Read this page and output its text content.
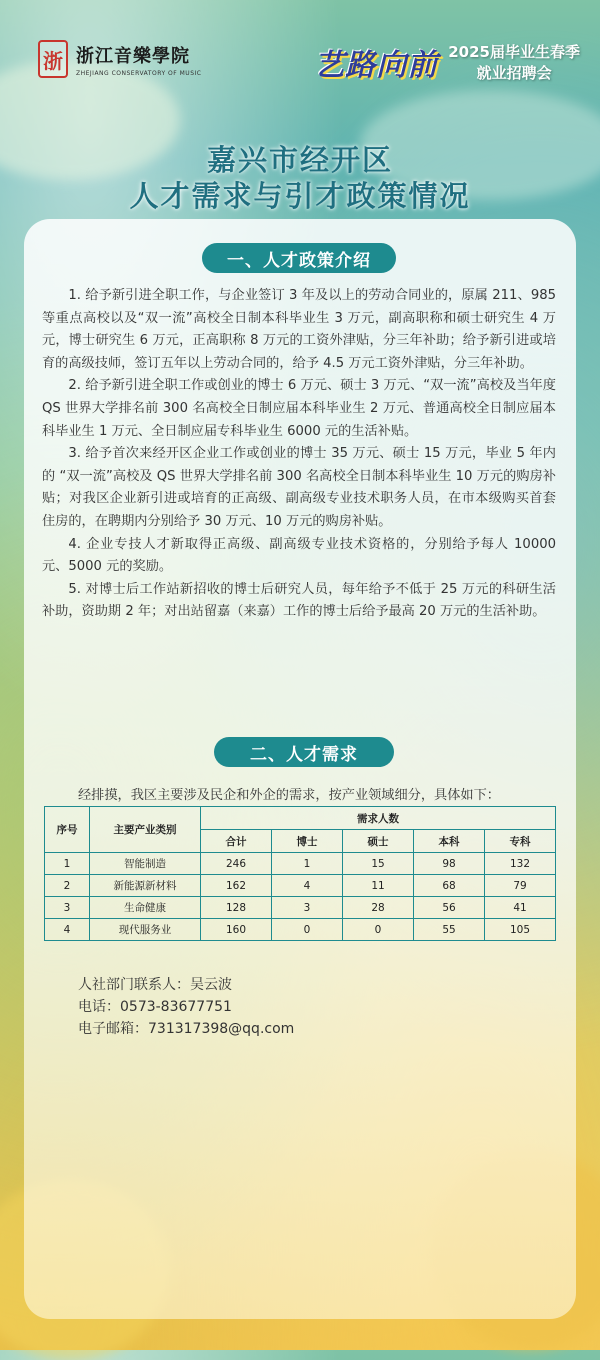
浙 浙江音樂學院
ZHEJIANG CONSERVATORY OF MUSIC	艺路向前 2025届毕业生春季
就业招聘会
嘉兴市经开区
人才需求与引才政策情况
一、人才政策介绍

1. 给予新引进全职工作，与企业签订 3 年及以上的劳动合同业的，原属 211、985 等重点高校以及“双一流”高校全日制本科毕业生 3 万元，副高职称和硕士研究生 4 万元，博士研究生 6 万元，正高职称 8 万元的工资外津贴，分三年补助；给予新引进或培育的高级技师，签订五年以上劳动合同的，给予 4.5 万元工资外津贴，分三年补助。

2. 给予新引进全职工作或创业的博士 6 万元、硕士 3 万元、“双一流”高校及当年度 QS 世界大学排名前 300 名高校全日制应届本科毕业生 2 万元、普通高校全日制应届本科毕业生 1 万元、全日制应届专科毕业生 6000 元的生活补贴。

3. 给予首次来经开区企业工作或创业的博士 35 万元、硕士 15 万元，毕业 5 年内的 “双一流”高校及 QS 世界大学排名前 300 名高校全日制本科毕业生 10 万元的购房补贴；对我区企业新引进或培育的正高级、副高级专业技术职务人员，在市本级购买首套住房的，在聘期内分别给予 30 万元、10 万元的购房补贴。

4. 企业专技人才新取得正高级、副高级专业技术资格的，分别给予每人 10000 元、5000 元的奖励。

5. 对博士后工作站新招收的博士后研究人员，每年给予不低于 25 万元的科研生活补助，资助期 2 年；对出站留嘉（来嘉）工作的博士后给予最高 20 万元的生活补助。

二、人才需求
经排摸，我区主要涉及民企和外企的需求，按产业领域细分，具体如下：
序号	主要产业类别	需求人数				
		合计	博士	硕士	本科	专科
1	智能制造	246	1	15	98	132
2	新能源新材料	162	4	11	68	79
3	生命健康	128	3	28	56	41
4	现代服务业	160	0	0	55	105
人社部门联系人：吴云波
电话：0573-83677751
电子邮箱：731317398@qq.com
